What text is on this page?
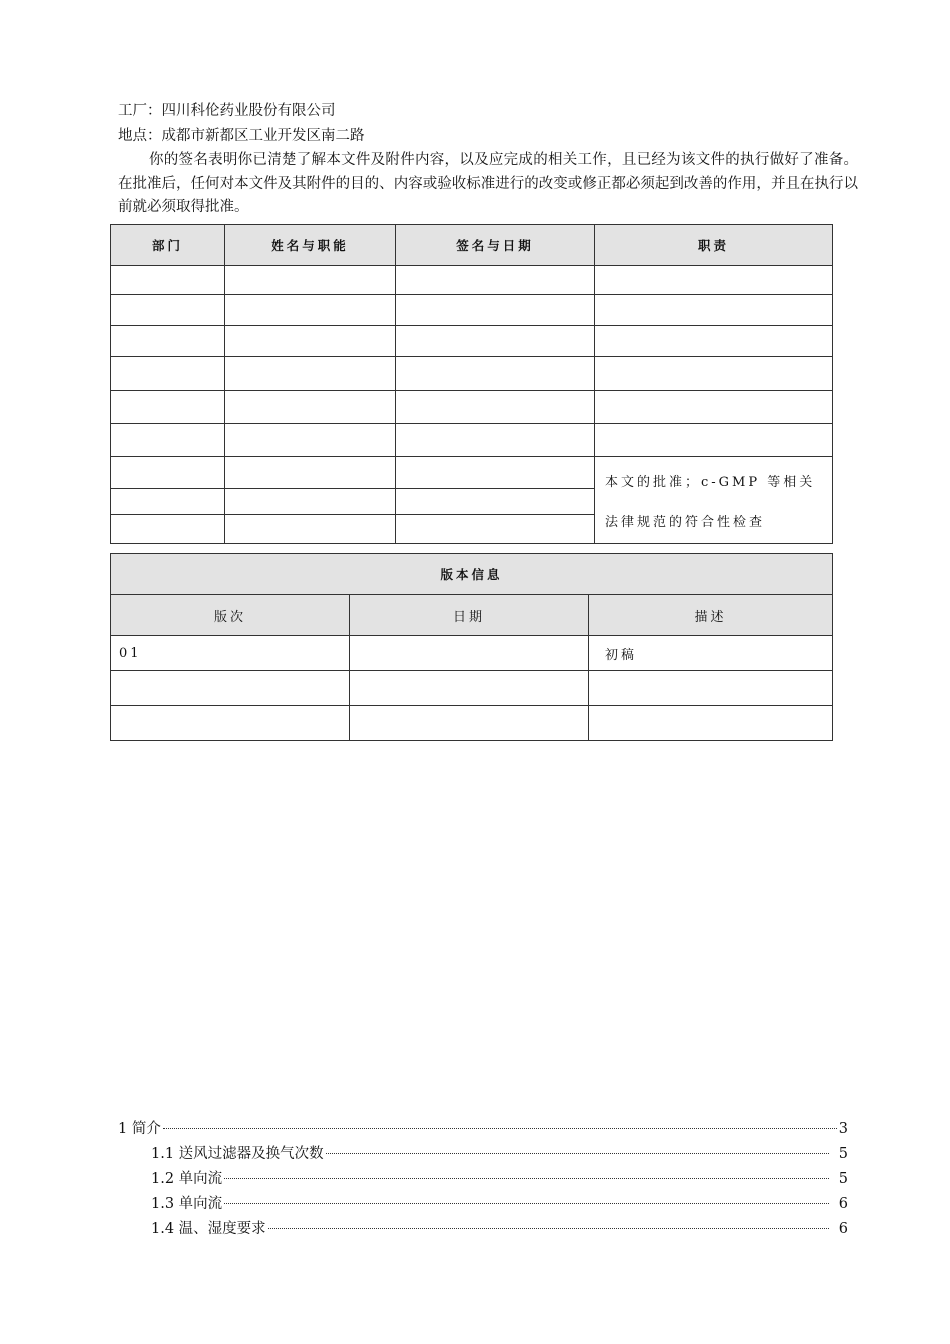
工厂：四川科伦药业股份有限公司
地点：成都市新都区工业开发区南二路
你的签名表明你已清楚了解本文件及附件内容，以及应完成的相关工作，且已经为该文件的执行做好了准备。在批准后，任何对本文件及其附件的目的、内容或验收标准进行的改变或修正都必须起到改善的作用，并且在执行以前就必须取得批准。
部门	姓名与职能	签名与日期	职责

			本文的批准；c-GMP 等相关法律规范的符合性检查

版本信息		
版次	日期	描述
01		初稿

1 简介	3
1.1 送风过滤器及换气次数	5
1.2 单向流	5
1.3 单向流	6
1.4 温、湿度要求	6
